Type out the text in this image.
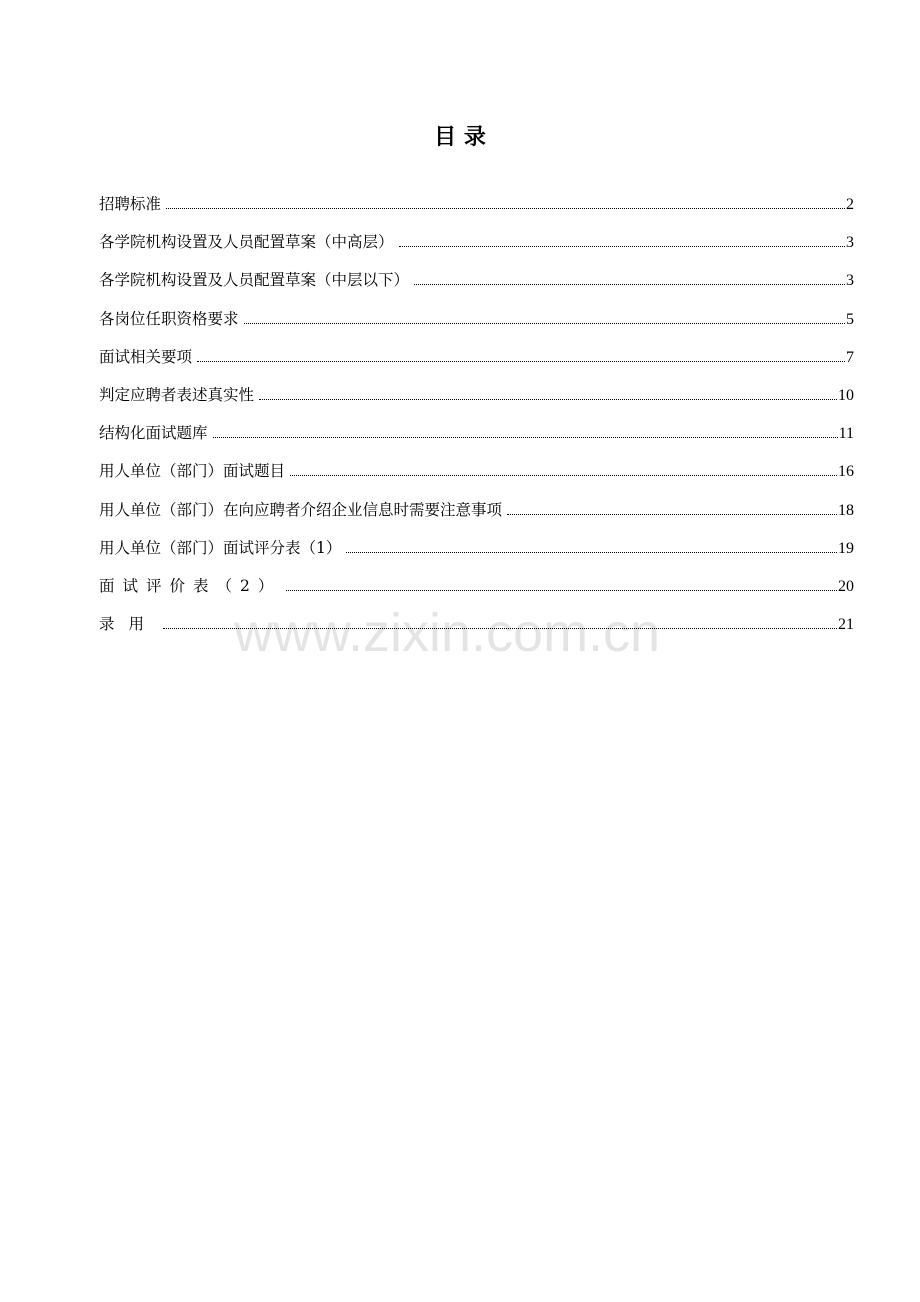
目 录
招聘标准	2
各学院机构设置及人员配置草案（中高层）	3
各学院机构设置及人员配置草案（中层以下）	3
各岗位任职资格要求	5
面试相关要项	7
判定应聘者表述真实性	10
结构化面试题库	11
用人单位（部门）面试题目	16
用人单位（部门）在向应聘者介绍企业信息时需要注意事项	18
用人单位（部门）面试评分表（1）	19
面试评价表（2）	20
录用	21
www.zixin.com.cn
